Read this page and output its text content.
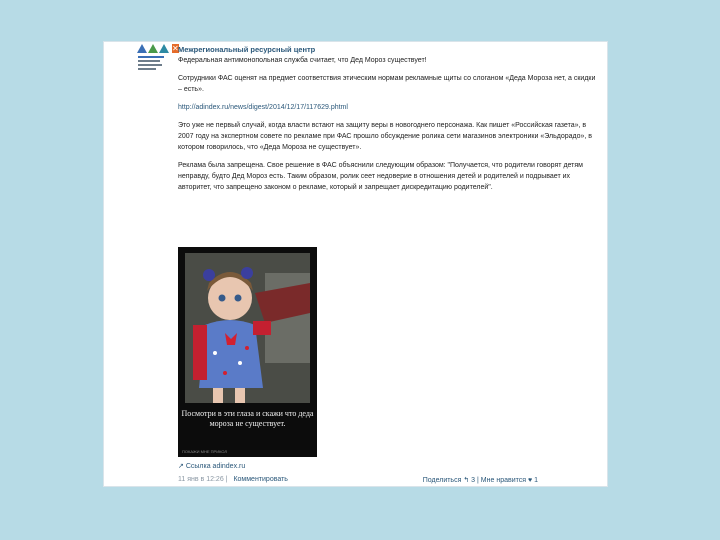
✕ Межрегиональный ресурсный центр

Федеральная антимонопольная служба считает, что Дед Мороз существует!

Сотрудники ФАС оценят на предмет соответствия этическим нормам рекламные щиты со слоганом «Деда Мороза нет, а скидки – есть».

http://adindex.ru/news/digest/2014/12/17/117629.phtml

Это уже не первый случай, когда власти встают на защиту веры в новогоднего персонажа. Как пишет «Российская газета», в 2007 году на экспертном совете по рекламе при ФАС прошло обсуждение ролика сети магазинов электроники «Эльдорадо», в котором говорилось, что «Деда Мороза не существует».

Реклама была запрещена. Свое решение в ФАС объяснили следующим образом: "Получается, что родители говорят детям неправду, будто Дед Мороз есть. Таким образом, ролик сеет недоверие в отношения детей и родителей и подрывает их авторитет, что запрещено законом о рекламе, который и запрещает дискредитацию родителей".

Посмотри в эти глаза и скажи что деда мороза не существует.
ПОКАЖИ МНЕ ПРИКОЛ
↗ Ссылка adindex.ru
11 янв в 12:26 | Комментировать	Поделиться ↰ 3 | Мне нравится ♥ 1
